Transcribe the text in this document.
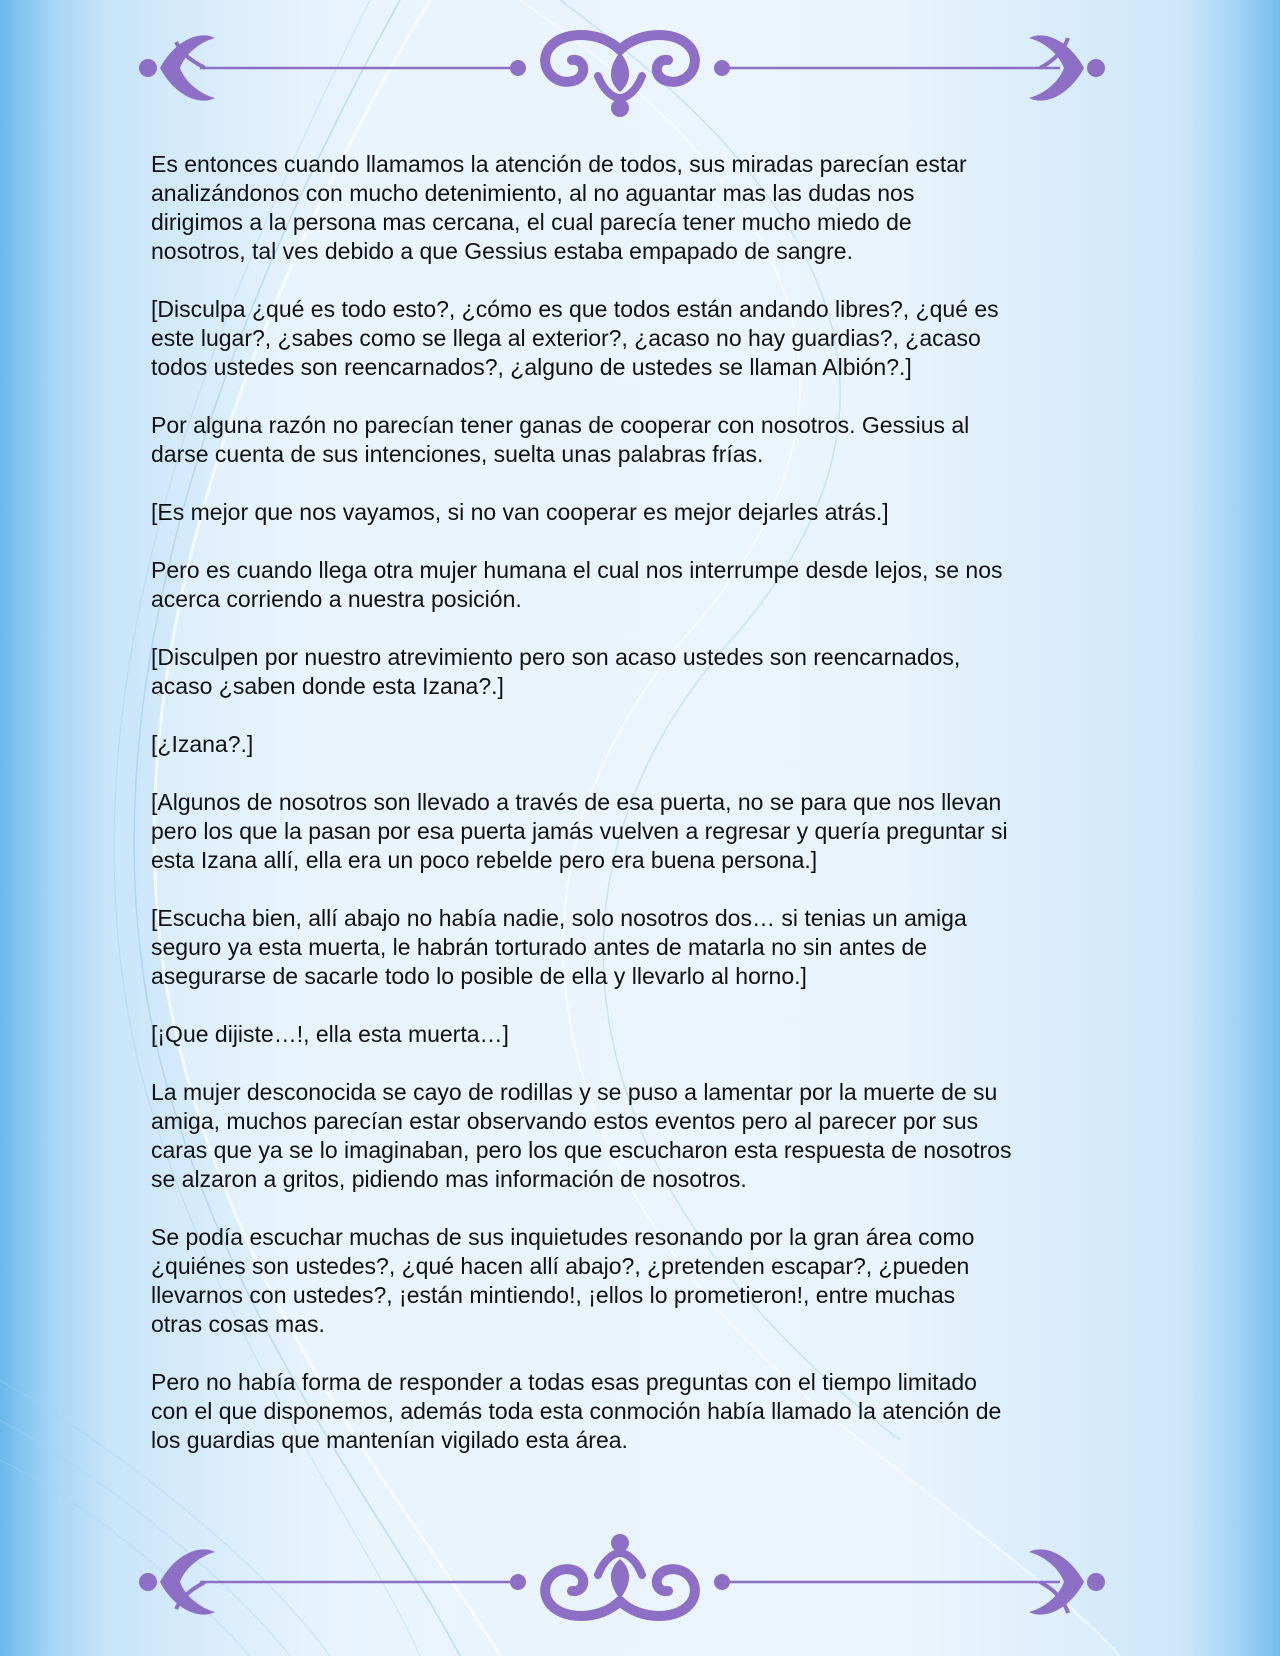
Es entonces cuando llamamos la atención de todos, sus miradas parecían estar
analizándonos con mucho detenimiento, al no aguantar mas las dudas nos
dirigimos a la persona mas cercana, el cual parecía tener mucho miedo de
nosotros, tal ves debido a que Gessius estaba empapado de sangre.

[Disculpa ¿qué es todo esto?, ¿cómo es que todos están andando libres?, ¿qué es
este lugar?, ¿sabes como se llega al exterior?, ¿acaso no hay guardias?, ¿acaso
todos ustedes son reencarnados?, ¿alguno de ustedes se llaman Albión?.]

Por alguna razón no parecían tener ganas de cooperar con nosotros. Gessius al
darse cuenta de sus intenciones, suelta unas palabras frías.

[Es mejor que nos vayamos, si no van cooperar es mejor dejarles atrás.]

Pero es cuando llega otra mujer humana el cual nos interrumpe desde lejos, se nos
acerca corriendo a nuestra posición.

[Disculpen por nuestro atrevimiento pero son acaso ustedes son reencarnados,
acaso ¿saben donde esta Izana?.]

[¿Izana?.]

[Algunos de nosotros son llevado a través de esa puerta, no se para que nos llevan
pero los que la pasan por esa puerta jamás vuelven a regresar y quería preguntar si
esta Izana allí, ella era un poco rebelde pero era buena persona.]

[Escucha bien, allí abajo no había nadie, solo nosotros dos… si tenias un amiga
seguro ya esta muerta, le habrán torturado antes de matarla no sin antes de
asegurarse de sacarle todo lo posible de ella y llevarlo al horno.]

[¡Que dijiste…!, ella esta muerta…]

La mujer desconocida se cayo de rodillas y se puso a lamentar por la muerte de su
amiga, muchos parecían estar observando estos eventos pero al parecer por sus
caras que ya se lo imaginaban, pero los que escucharon esta respuesta de nosotros
se alzaron a gritos, pidiendo mas información de nosotros.

Se podía escuchar muchas de sus inquietudes resonando por la gran área como
¿quiénes son ustedes?, ¿qué hacen allí abajo?, ¿pretenden escapar?, ¿pueden
llevarnos con ustedes?, ¡están mintiendo!, ¡ellos lo prometieron!, entre muchas
otras cosas mas.

Pero no había forma de responder a todas esas preguntas con el tiempo limitado
con el que disponemos, además toda esta conmoción había llamado la atención de
los guardias que mantenían vigilado esta área.
